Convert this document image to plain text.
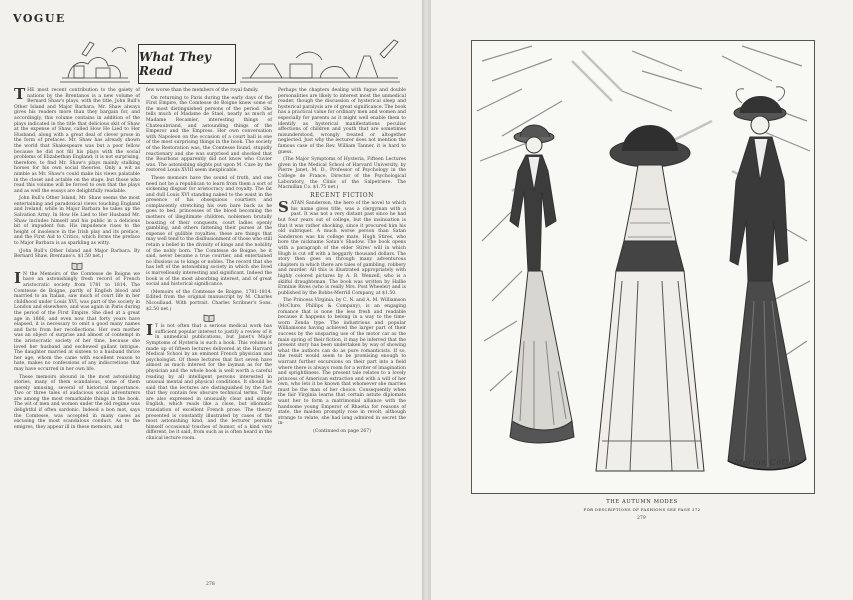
VOGUE
What They Read

THE most recent contribution to the gaiety of nations by the Brentanos is a new volume of Bernard Shaw's plays, with the title, John Bull's Other Island and Major Barbara. Mr. Shaw always gives his readers more than they bargain for, and accordingly, this volume contains in addition of the plays indicated in the title that delicious skit of Shaw at the expense of Shaw, called How He Lied to Her Husband, along with a great deal of clever prose in the form of prefaces. Mr. Shaw has already shown the world that Shakespeare was but a poor fellow because he did not fill his plays with the social problems of Elizabethan England; it is not surprising, therefore, to find Mr. Shaw's plays mainly stalking horses for his own social theories. Only a wit as nimble as Mr. Shaw's could make his views palatable in the closet and actable on the stage, but those who read this volume will be forced to own that the plays and as well the essays are delightfully readable.

John Bull's Other Island, Mr. Shaw seems the most entertaining and paradoxical views touching England and Ireland, while in Major Barbara he takes up the Salvation Army. In How He Lied to Her Husband Mr. Shaw includes himself and his public in a delicious bit of impudent fun. His impudence rises to the height of insolence in the Irish play and its preface, and the First Aid to Critics, which forms the preface to Major Barbara is as sparkling as witty.

(John Bull's Other Island and Major Barbara. By Bernard Shaw. Brentano's. $1.50 net.)

I N the Memoirs of the Comtesse de Boigne we have an astonishingly fresh record of French aristocratic society from 1781 to 1814. The Comtesse de Boigne, partly of English blood and married to an Italian, saw much of court life in her childhood under Louis XVI, was part of the society in London and elsewhere, and was again in Paris during the period of the First Empire. She died at a great age in 1866, and even now that forty years have elapsed, it is necessary to omit a good many names and facts from her recollections. Her own mother was an object of surprise and almost of contempt in the aristocratic society of her time, because she loved her husband and eschewed gallant intrigue. The daughter married at sixteen to a husband thrice her age, whom the came with excellent reason to hate, makes no confessions of any indiscretions that may have occurred in her own life.

These memoirs abound in the most astonishing stories, many of them scandalous, some of them merely amusing, several of historical importance. Two or three tales of audacious social adventurers are among the most remarkable things in the book. The wit of men and women under the old regime was delightful if often sardonic. Indeed a bon mot, says the Comtesse, was accepted in many cases as excusing the most scandalous conduct. As to the emigres, they appear ill in these memoirs, and

few worse than the members of the royal family.

On returning to Paris during the early days of the First Empire, the Comtesse de Boigne knew some of the most distinguished persons of the period. She tells much of Madame de Stael, nearly as much of Madame Recamier, interesting things of Chateaubriand, and astounding things of the Emperor and the Empress. Her own conversation with Napoleon on the occasion of a court ball is one of the most surprising things in the book. The society of the Restoration was, the Comtesse found, stupidly reactionary and she was surprised and shocked that the Bourbons apparently did not know who Cuvier was. The astonishing slights put upon M. Caze by the restored Louis XVIII seem inexplicable.

These memoirs have the sound of truth, and one need not be a republican to learn from them a sort of sickening disgust for aristocracy and royalty. The fat and dull Louis XVI standing naked to the waist in the presence of his obsequious courtiers and complacently stretching his own bare back as he goes to bed, princesses of the blood becoming the mothers of illegitimate children, noblemen brutally boasting of their conquests, court ladies openly gambling, and others fattening their purses at the expense of gullible royalties, these are things that may well tend to the disillusionment of those who still retain a belief in the divinity of kings and the nobility of the nobly born. The Comtesse de Boigne, be it said, never became a true courtier, and entertained no illusions as to kings or nobles. The record that she has left of the astonishing society in which she lived is marvellously interesting and significant. Indeed the book is of the most absorbing interest, and of great social and historical significance.

(Memoirs of the Comtesse de Boigne, 1781-1814. Edited from the original manuscript by M. Charles Nicoullaud. With portrait. Charles Scribner's Sons. $2.50 net.)

I T is not often that a serious medical work has sufficient popular interest to justify a review of it in unmedical publications, but Janet's Major Symptoms of Hysteria is such a book. This volume is made up of fifteen lectures delivered at the Harvard Medical School by an eminent French physician and psychologist. Of these lectures that fact seven have almost as much interest for the layman as for the physician and the whole book is well worth a careful reading by all intelligent persons interested in unusual mental and physical conditions. It should be said that the lectures are distinguished by the fact that they contain few obscure technical terms. They are also expressed in unusually clear and simple English, which reads like a close, but idiomatic translation of excellent French prose. The theory presented is constantly illustrated by cases of the most astonishing kind, and the lecturer permits himself occasional touches of humor, of a kind very different, be it said, from such as is often heard in the clinical lecture room.

Perhaps the chapters dealing with fugue and double personalities are likely to interest most the unmedical reader, though the discussion of hysterical sleep and hysterical paralysis are of great significance. The book has a practical value for ordinary men and women and especially for parents as it might well enable them to identify as hysterical manifestations peculiar affections of children and youth that are sometimes misunderstood, wrongly treated or altogether neglected. Just why the lecturer does not mention the famous case of the Rev. William Tanner, it is hard to guess.

(The Major Symptoms of Hysteria, Fifteen Lectures given in the Medical School of Harvard University, by Pierre Janet, M. D., Professor of Psychology in the College de France, Director of the Psychological Laboratory, the Clinic of the Salpetriere. The Macmillan Co. $1.75 net.)

RECENT FICTION

SATAN Sanderson, the hero of the novel to which his name gives title, was a clergyman with a past. It was not a very distant past since he had but four years out of college, but the insinuation is that it was rather shocking, since it procured him his old subriquet. A much worse person than Satan Sanderson was his college mate, Hugh Stires, who bore the nickname Satan's Shadow. The book opens with a paragraph of the elder Stires' will in which Hugh is cut off with a beggarly thousand dollars. The story then goes on through many adventurous chapters in which there are tales of gambling, robbery and murder. All this is illustrated appropriately with highly colored pictures by A. B. Wenzell, who is a skilful draughtsman. The book was written by Hallie Erminie Rives (who is really Mrs. Post Wheeler) and is published by the Bobbs-Merrill Company, at $1.50.

The Princess Virginia, by C. N. and A. M. Williamson (McClure, Phillips & Company), is an engaging romance that is none the less fresh and readable because it happens to belong in a way to the time-worn Zenda type. The industrious and popular Williamsons having achieved the larger part of their success by the unsparing use of the motor car as the main spring of their fiction, it may be inferred that the present story has been undertaken by way of showing what the authors can do as pure romanticists. If so, the result would seem to be promising enough to warrant further excursions on their part into a field where there is always room for a writer of imagination and sprightliness. The present tale relates to a lovely princess of American extraction and with a will of her own, who lets it be known that whomever she marries must be the man of her choice. Consequently when the fair Virginia learns that certain astute diplomats want her to form a matrimonial alliance with the handsome young Emperor of Rhaetia for reasons of state, the maiden promptly rose in revolt, although strange to relate, she had long admired in secret the in-

(Continued on page 267)

278
Marion Cotton
THE AUTUMN MODES
FOR DESCRIPTIONS OF FASHIONS SEE PAGE 272
279
